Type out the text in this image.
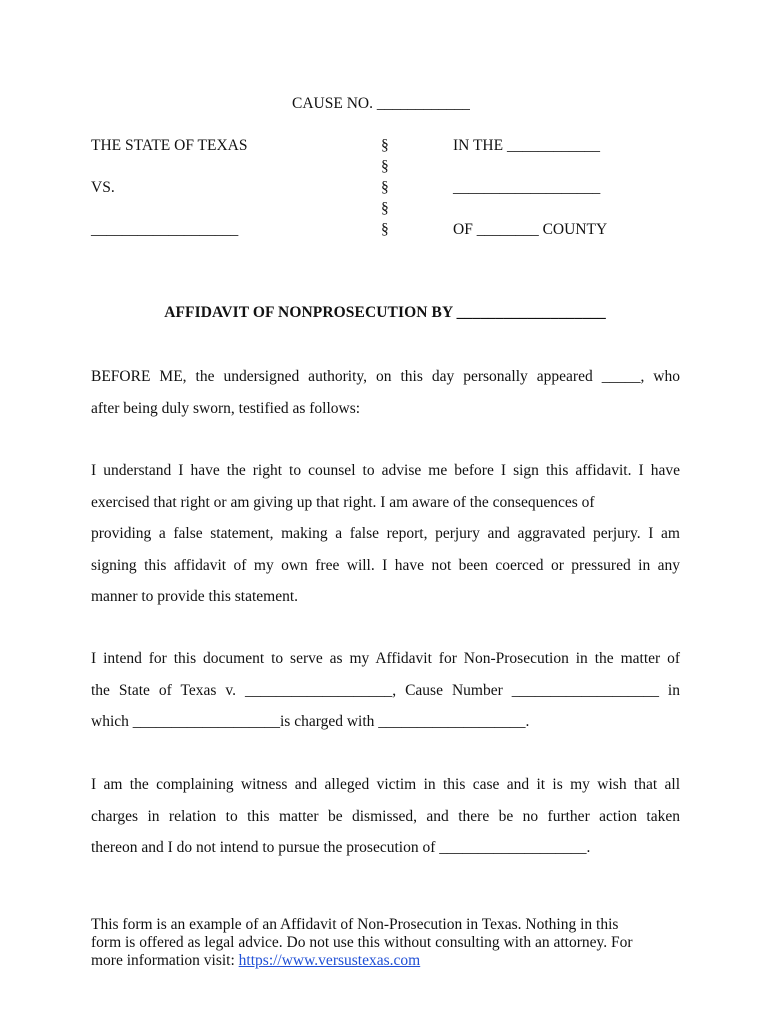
CAUSE NO. ____________
THE STATE OF TEXAS
VS.
___________________
§
§
§
§
§
IN THE ____________
___________________
OF ________ COUNTY
AFFIDAVIT OF NONPROSECUTION BY ___________________
BEFORE ME, the undersigned authority, on this day personally appeared _____, who
after being duly sworn, testified as follows:
I understand I have the right to counsel to advise me before I sign this affidavit. I have
exercised that right or am giving up that right. I am aware of the consequences of
providing a false statement, making a false report, perjury and aggravated perjury. I am
signing this affidavit of my own free will. I have not been coerced or pressured in any
manner to provide this statement.
I intend for this document to serve as my Affidavit for Non-Prosecution in the matter of
the State of Texas v. ___________________, Cause Number ___________________ in
which ___________________is charged with ___________________.
I am the complaining witness and alleged victim in this case and it is my wish that all
charges in relation to this matter be dismissed, and there be no further action taken
thereon and I do not intend to pursue the prosecution of ___________________.
This form is an example of an Affidavit of Non-Prosecution in Texas. Nothing in this
form is offered as legal advice. Do not use this without consulting with an attorney. For
more information visit: https://www.versustexas.com
